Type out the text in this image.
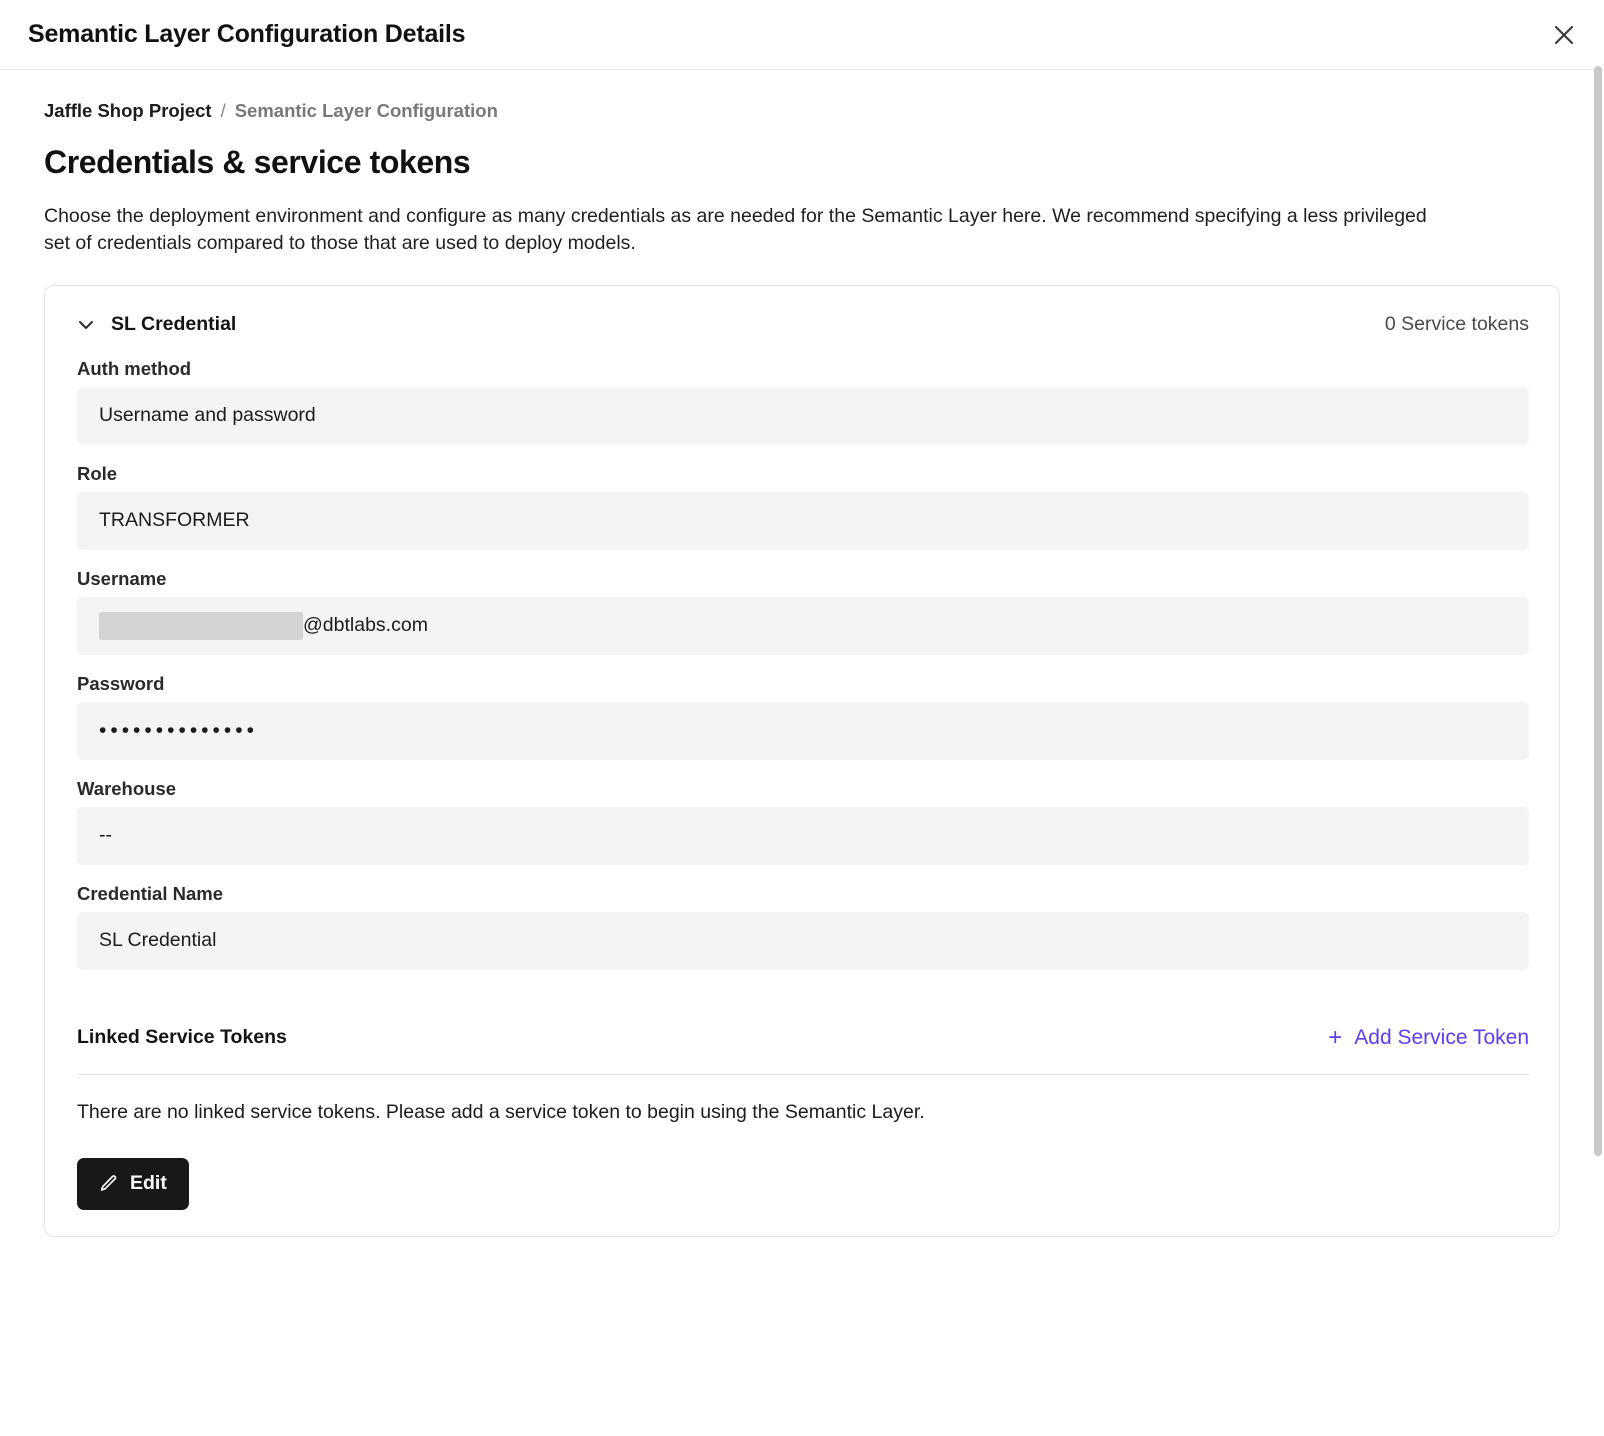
Semantic Layer Configuration Details
Jaffle Shop Project / Semantic Layer Configuration
Credentials & service tokens
Choose the deployment environment and configure as many credentials as are needed for the Semantic Layer here. We recommend specifying a less privileged set of credentials compared to those that are used to deploy models.
SL Credential	0 Service tokens
Auth method
Username and password
Role
TRANSFORMER
Username
@dbtlabs.com
Password
••••••••••••••
Warehouse
--
Credential Name
SL Credential
Linked Service Tokens	+ Add Service Token
There are no linked service tokens. Please add a service token to begin using the Semantic Layer.
Edit
